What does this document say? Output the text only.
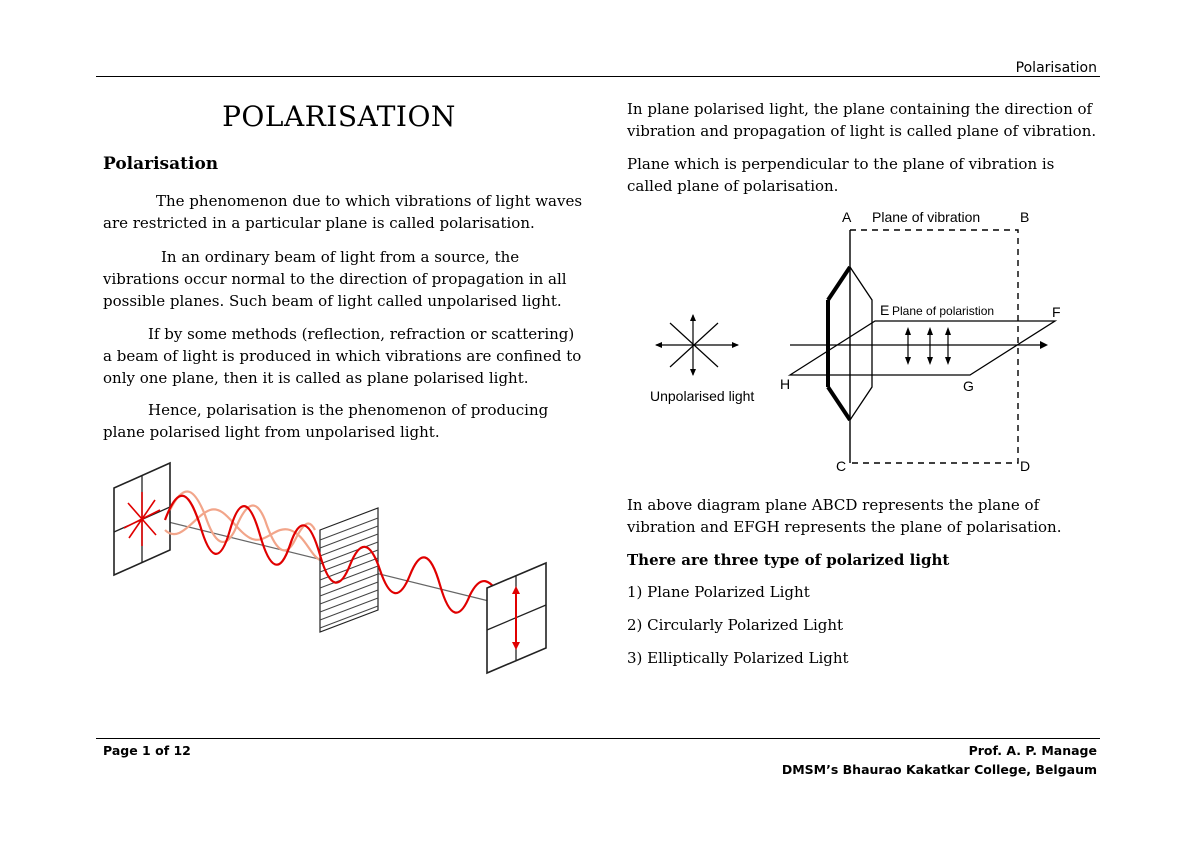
Polarisation
POLARISATION
Polarisation
The phenomenon due to which vibrations of light waves are restricted in a particular plane is called polarisation.
In an ordinary beam of light from a source, the vibrations occur normal to the direction of propagation in all possible planes. Such beam of light called unpolarised light.
If by some methods (reflection, refraction or scattering) a beam of light is produced in which vibrations are confined to only one plane, then it is called as plane polarised light.
Hence, polarisation is the phenomenon of producing plane polarised light from unpolarised light.
In plane polarised light, the plane containing the direction of vibration and propagation of light is called plane of vibration.
Plane which is perpendicular to the plane of vibration is called plane of polarisation.
Unpolarised light
A	B
C	D
Plane of vibration
E Plane of polaristion	F
G
H
In above diagram plane ABCD represents the plane of vibration and EFGH represents the plane of polarisation.
There are three type of polarized light
1) Plane Polarized Light
2) Circularly Polarized Light
3) Elliptically Polarized Light
Page 1 of 12	Prof. A. P. Manage
DMSM’s Bhaurao Kakatkar College, Belgaum
